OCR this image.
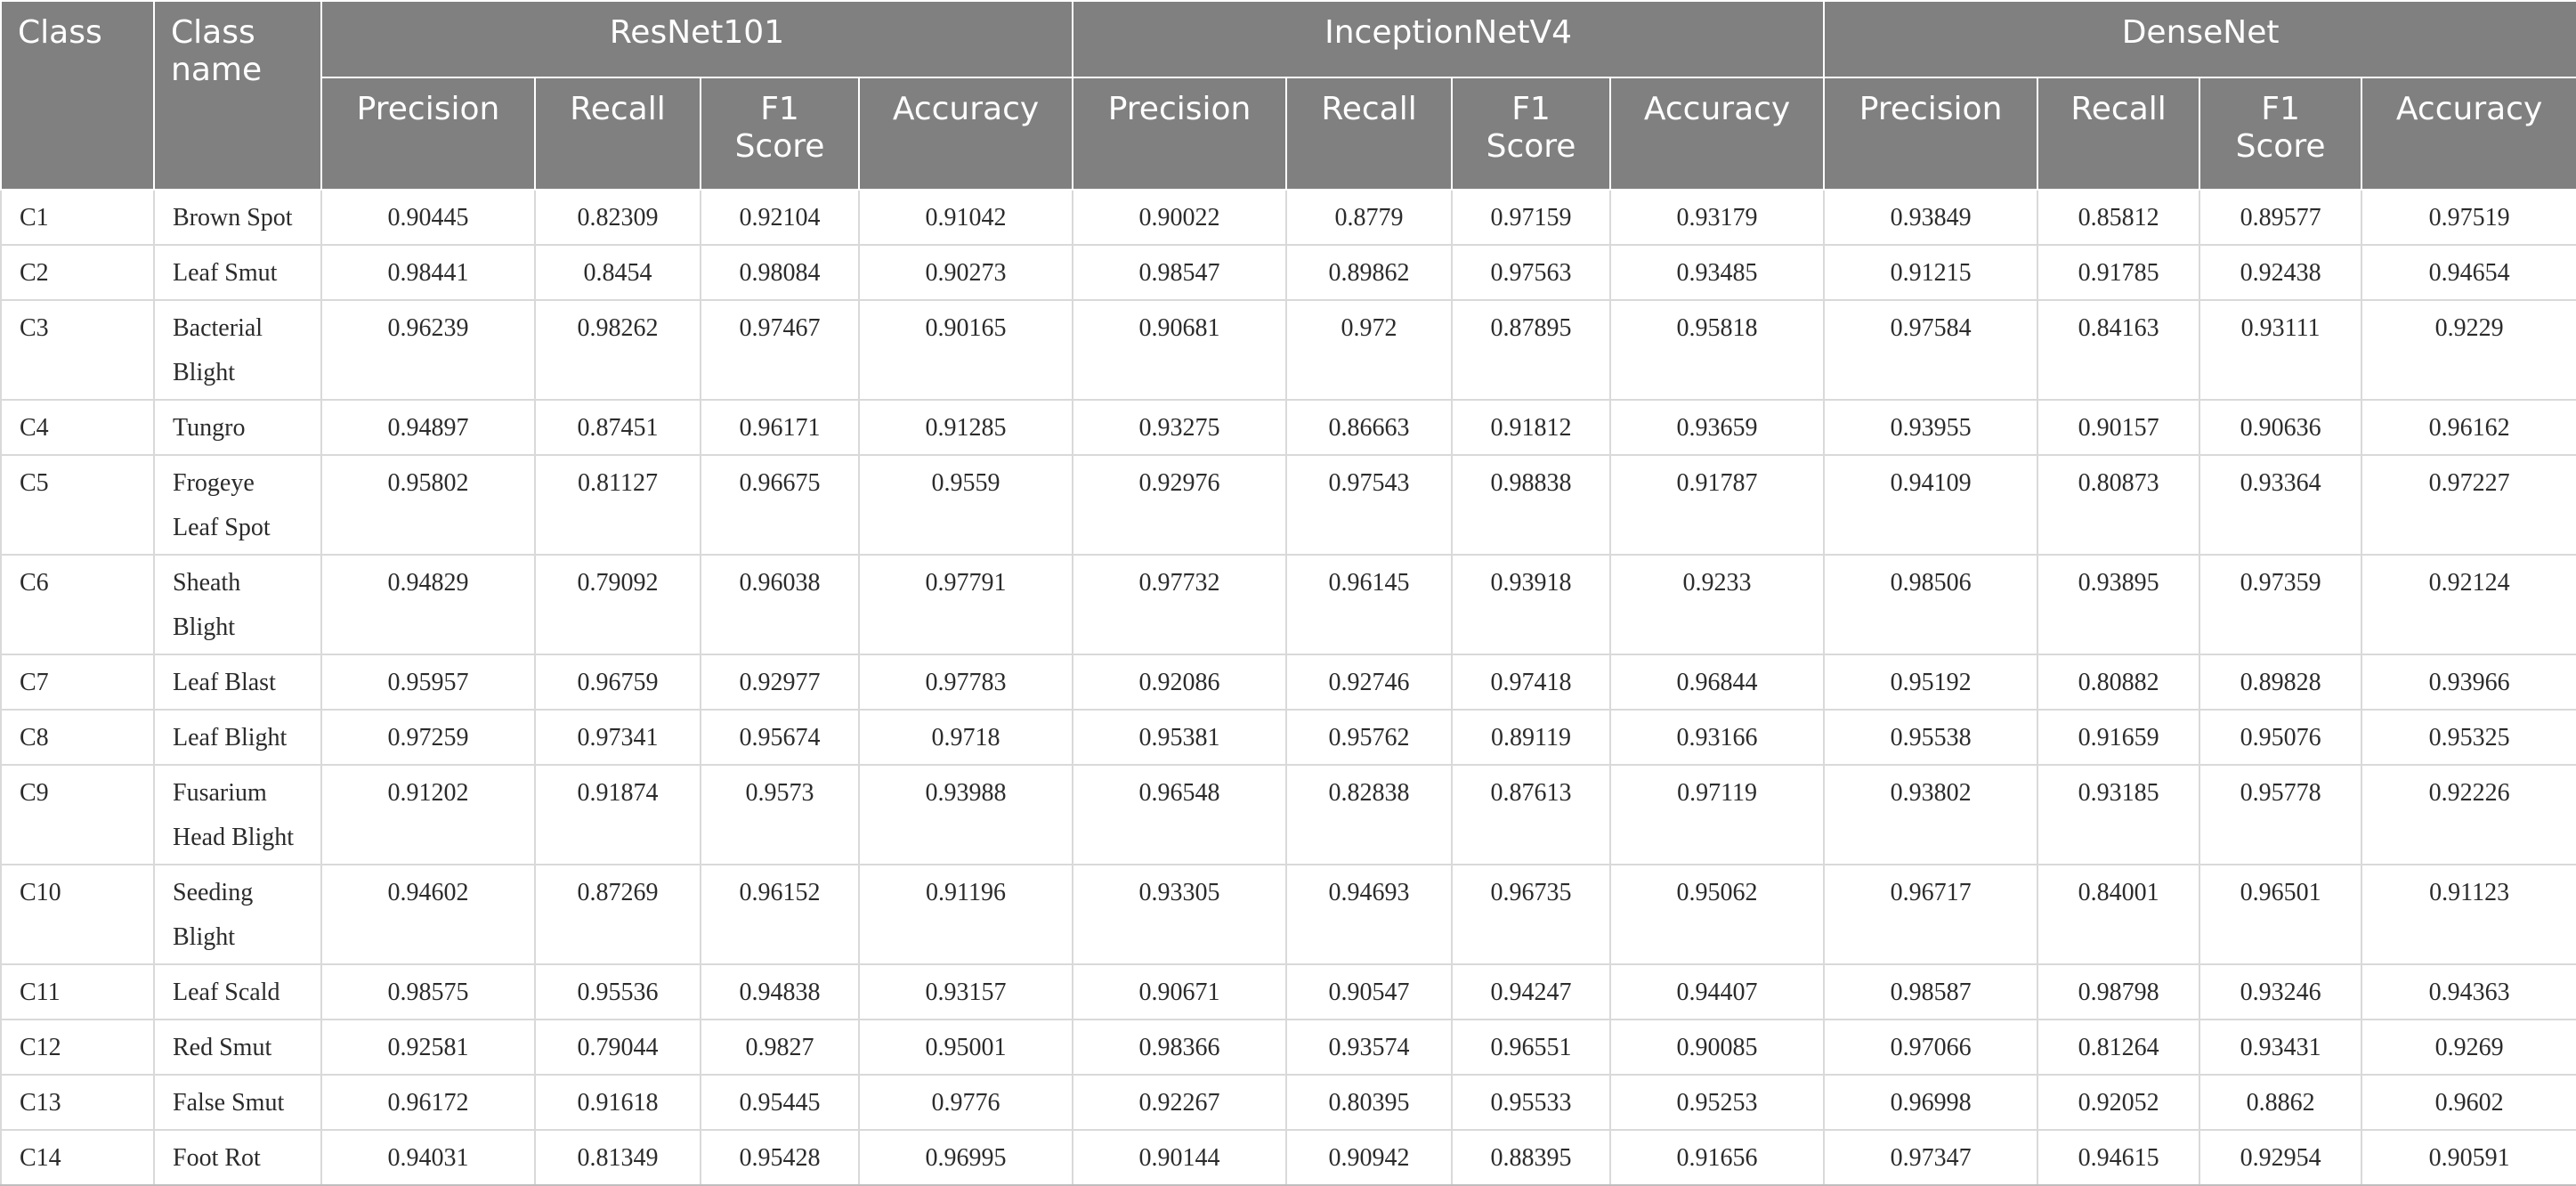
Class	Class name	ResNet101				InceptionNetV4				DenseNet			
		Precision	Recall	F1 Score	Accuracy	Precision	Recall	F1 Score	Accuracy	Precision	Recall	F1 Score	Accuracy
C1	Brown Spot	0.90445	0.82309	0.92104	0.91042	0.90022	0.8779	0.97159	0.93179	0.93849	0.85812	0.89577	0.97519
C2	Leaf Smut	0.98441	0.8454	0.98084	0.90273	0.98547	0.89862	0.97563	0.93485	0.91215	0.91785	0.92438	0.94654
C3	Bacterial Blight	0.96239	0.98262	0.97467	0.90165	0.90681	0.972	0.87895	0.95818	0.97584	0.84163	0.93111	0.9229
C4	Tungro	0.94897	0.87451	0.96171	0.91285	0.93275	0.86663	0.91812	0.93659	0.93955	0.90157	0.90636	0.96162
C5	Frogeye Leaf Spot	0.95802	0.81127	0.96675	0.9559	0.92976	0.97543	0.98838	0.91787	0.94109	0.80873	0.93364	0.97227
C6	Sheath Blight	0.94829	0.79092	0.96038	0.97791	0.97732	0.96145	0.93918	0.9233	0.98506	0.93895	0.97359	0.92124
C7	Leaf Blast	0.95957	0.96759	0.92977	0.97783	0.92086	0.92746	0.97418	0.96844	0.95192	0.80882	0.89828	0.93966
C8	Leaf Blight	0.97259	0.97341	0.95674	0.9718	0.95381	0.95762	0.89119	0.93166	0.95538	0.91659	0.95076	0.95325
C9	Fusarium Head Blight	0.91202	0.91874	0.9573	0.93988	0.96548	0.82838	0.87613	0.97119	0.93802	0.93185	0.95778	0.92226
C10	Seeding Blight	0.94602	0.87269	0.96152	0.91196	0.93305	0.94693	0.96735	0.95062	0.96717	0.84001	0.96501	0.91123
C11	Leaf Scald	0.98575	0.95536	0.94838	0.93157	0.90671	0.90547	0.94247	0.94407	0.98587	0.98798	0.93246	0.94363
C12	Red Smut	0.92581	0.79044	0.9827	0.95001	0.98366	0.93574	0.96551	0.90085	0.97066	0.81264	0.93431	0.9269
C13	False Smut	0.96172	0.91618	0.95445	0.9776	0.92267	0.80395	0.95533	0.95253	0.96998	0.92052	0.8862	0.9602
C14	Foot Rot	0.94031	0.81349	0.95428	0.96995	0.90144	0.90942	0.88395	0.91656	0.97347	0.94615	0.92954	0.90591
